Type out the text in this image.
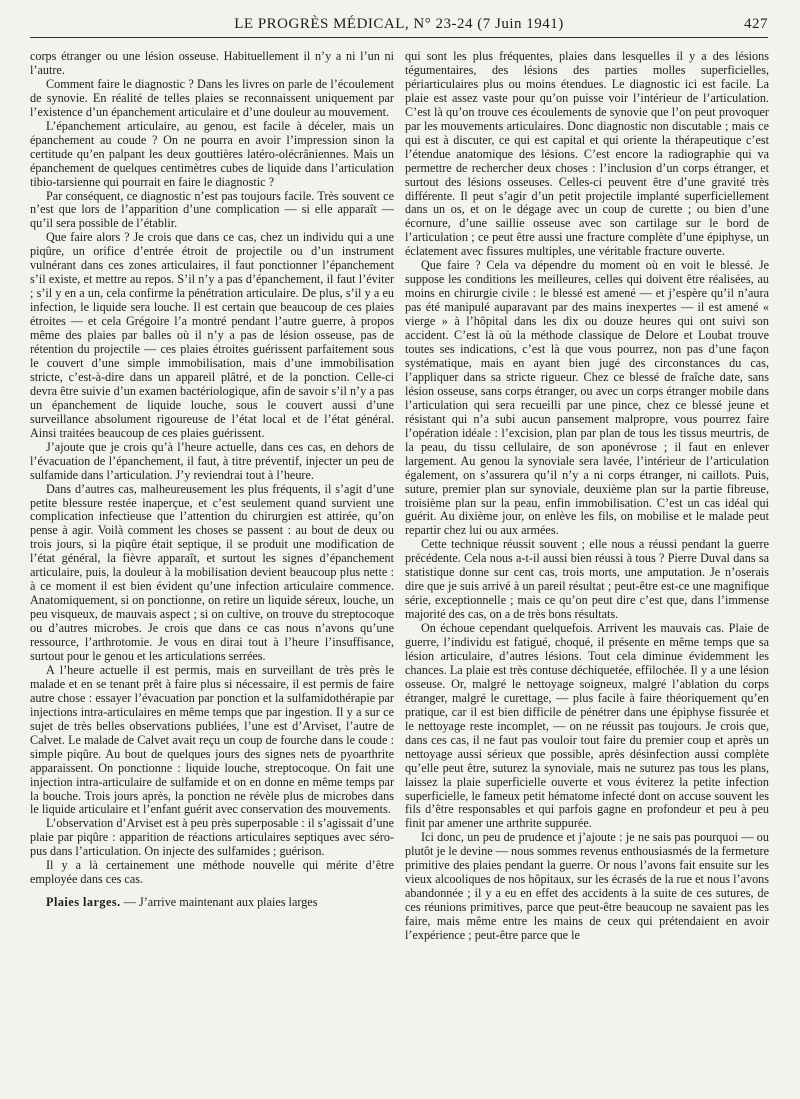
LE PROGRÈS MÉDICAL, N° 23-24 (7 Juin 1941)	427

corps étranger ou une lésion osseuse. Habituellement il n’y a ni l’un ni l’autre.

Comment faire le diagnostic ? Dans les livres on parle de l’écoulement de synovie. En réalité de telles plaies se reconnaissent uniquement par l’existence d’un épanchement articulaire et d’une douleur au mouvement.

L’épanchement articulaire, au genou, est facile à déceler, mais un épanchement au coude ? On ne pourra en avoir l’impression sinon la certitude qu’en palpant les deux gouttières latéro-olécrâniennes. Mais un épanchement de quelques centimètres cubes de liquide dans l’articulation tibio-tarsienne qui pourrait en faire le diagnostic ?

Par conséquent, ce diagnostic n’est pas toujours facile. Très souvent ce n’est que lors de l’apparition d’une complication — si elle apparaît — qu’il sera possible de l’établir.

Que faire alors ? Je crois que dans ce cas, chez un individu qui a une piqûre, un orifice d’entrée étroit de projectile ou d’un instrument vulnérant dans ces zones articulaires, il faut ponctionner l’épanchement s’il existe, et mettre au repos. S’il n’y a pas d’épanchement, il faut l’éviter ; s’il y en a un, cela confirme la pénétration articulaire. De plus, s’il y a eu infection, le liquide sera louche. Il est certain que beaucoup de ces plaies étroites — et cela Grégoire l’a montré pendant l’autre guerre, à propos même des plaies par balles où il n’y a pas de lésion osseuse, pas de rétention du projectile — ces plaies étroites guérissent parfaitement sous le couvert d’une simple immobilisation, mais d’une immobilisation stricte, c’est-à-dire dans un appareil plâtré, et de la ponction. Celle-ci devra être suivie d’un examen bactériologique, afin de savoir s’il n’y a pas un épanchement de liquide louche, sous le couvert aussi d’une surveillance absolument rigoureuse de l’état local et de l’état général. Ainsi traitées beaucoup de ces plaies guérissent.

J’ajoute que je crois qu’à l’heure actuelle, dans ces cas, en dehors de l’évacuation de l’épanchement, il faut, à titre préventif, injecter un peu de sulfamide dans l’articulation. J’y reviendrai tout à l’heure.

Dans d’autres cas, malheureusement les plus fréquents, il s’agit d’une petite blessure restée inaperçue, et c’est seulement quand survient une complication infectieuse que l’attention du chirurgien est attirée, qu’on pense à agir. Voilà comment les choses se passent : au bout de deux ou trois jours, si la piqûre était septique, il se produit une modification de l’état général, la fièvre apparaît, et surtout les signes d’épanchement articulaire, puis, la douleur à la mobilisation devient beaucoup plus nette : à ce moment il est bien évident qu’une infection articulaire commence. Anatomiquement, si on ponctionne, on retire un liquide séreux, louche, un peu visqueux, de mauvais aspect ; si on cultive, on trouve du streptocoque ou d’autres microbes. Je crois que dans ce cas nous n’avons qu’une ressource, l’arthrotomie. Je vous en dirai tout à l’heure l’insuffisance, surtout pour le genou et les articulations serrées.

A l’heure actuelle il est permis, mais en surveillant de très près le malade et en se tenant prêt à faire plus si nécessaire, il est permis de faire autre chose : essayer l’évacuation par ponction et la sulfamidothérapie par injections intra-articulaires en même temps que par ingestion. Il y a sur ce sujet de très belles observations publiées, l’une est d’Arviset, l’autre de Calvet. Le malade de Calvet avait reçu un coup de fourche dans le coude : simple piqûre. Au bout de quelques jours des signes nets de pyoarthrite apparaissent. On ponctionne : liquide louche, streptocoque. On fait une injection intra-articulaire de sulfamide et on en donne en même temps par la bouche. Trois jours après, la ponction ne révèle plus de microbes dans le liquide articulaire et l’enfant guérit avec conservation des mouvements.

L’observation d’Arviset est à peu près superposable : il s’agissait d’une plaie par piqûre : apparition de réactions articulaires septiques avec séro-pus dans l’articulation. On injecte des sulfamides ; guérison.

Il y a là certainement une méthode nouvelle qui mérite d’être employée dans ces cas.

Plaies larges. — J’arrive maintenant aux plaies larges

qui sont les plus fréquentes, plaies dans lesquelles il y a des lésions tégumentaires, des lésions des parties molles superficielles, périarticulaires plus ou moins étendues. Le diagnostic ici est facile. La plaie est assez vaste pour qu’on puisse voir l’intérieur de l’articulation. C’est là qu’on trouve ces écoulements de synovie que l’on peut provoquer par les mouvements articulaires. Donc diagnostic non discutable ; mais ce qui est à discuter, ce qui est capital et qui oriente la thérapeutique c’est l’étendue anatomique des lésions. C’est encore la radiographie qui va permettre de rechercher deux choses : l’inclusion d’un corps étranger, et surtout des lésions osseuses. Celles-ci peuvent être d’une gravité très différente. Il peut s’agir d’un petit projectile implanté superficiellement dans un os, et on le dégage avec un coup de curette ; ou bien d’une écornure, d’une saillie osseuse avec son cartilage sur le bord de l’articulation ; ce peut être aussi une fracture complète d’une épiphyse, un éclatement avec fissures multiples, une véritable fracture ouverte.

Que faire ? Cela va dépendre du moment où en voit le blessé. Je suppose les conditions les meilleures, celles qui doivent être réalisées, au moins en chirurgie civile : le blessé est amené — et j’espère qu’il n’aura pas été manipulé auparavant par des mains inexpertes — il est amené « vierge » à l’hôpital dans les dix ou douze heures qui ont suivi son accident. C’est là où la méthode classique de Delore et Loubat trouve toutes ses indications, c’est là que vous pourrez, non pas d’une façon systématique, mais en ayant bien jugé des circonstances du cas, l’appliquer dans sa stricte rigueur. Chez ce blessé de fraîche date, sans lésion osseuse, sans corps étranger, ou avec un corps étranger mobile dans l’articulation qui sera recueilli par une pince, chez ce blessé jeune et résistant qui n’a subi aucun pansement malpropre, vous pourrez faire l’opération idéale : l’excision, plan par plan de tous les tissus meurtris, de la peau, du tissu cellulaire, de son aponévrose ; il faut en enlever largement. Au genou la synoviale sera lavée, l’intérieur de l’articulation également, on s’assurera qu’il n’y a ni corps étranger, ni caillots. Puis, suture, premier plan sur synoviale, deuxième plan sur la partie fibreuse, troisième plan sur la peau, enfin immobilisation. C’est un cas idéal qui guérit. Au dixième jour, on enlève les fils, on mobilise et le malade peut repartir chez lui ou aux armées.

Cette technique réussit souvent ; elle nous a réussi pendant la guerre précédente. Cela nous a-t-il aussi bien réussi à tous ? Pierre Duval dans sa statistique donne sur cent cas, trois morts, une amputation. Je n’oserais dire que je suis arrivé à un pareil résultat ; peut-être est-ce une magnifique série, exceptionnelle ; mais ce qu’on peut dire c’est que, dans l’immense majorité des cas, on a de très bons résultats.

On échoue cependant quelquefois. Arrivent les mauvais cas. Plaie de guerre, l’individu est fatigué, choqué, il présente en même temps que sa lésion articulaire, d’autres lésions. Tout cela diminue évidemment les chances. La plaie est très contuse déchiquetée, effilochée. Il y a une lésion osseuse. Or, malgré le nettoyage soigneux, malgré l’ablation du corps étranger, malgré le curettage, — plus facile à faire théoriquement qu’en pratique, car il est bien difficile de pénétrer dans une épiphyse fissurée et le nettoyage reste incomplet, — on ne réussit pas toujours. Je crois que, dans ces cas, il ne faut pas vouloir tout faire du premier coup et après un nettoyage aussi sérieux que possible, après désinfection aussi complète qu’elle peut être, suturez la synoviale, mais ne suturez pas tous les plans, laissez la plaie superficielle ouverte et vous éviterez la petite infection superficielle, le fameux petit hématome infecté dont on accuse souvent les fils d’être responsables et qui parfois gagne en profondeur et peu à peu finit par amener une arthrite suppurée.

Ici donc, un peu de prudence et j’ajoute : je ne sais pas pourquoi — ou plutôt je le devine — nous sommes revenus enthousiasmés de la fermeture primitive des plaies pendant la guerre. Or nous l’avons fait ensuite sur les vieux alcooliques de nos hôpitaux, sur les écrasés de la rue et nous l’avons abandonnée ; il y a eu en effet des accidents à la suite de ces sutures, de ces réunions primitives, parce que peut-être beaucoup ne savaient pas les faire, mais même entre les mains de ceux qui prétendaient en avoir l’expérience ; peut-être parce que le
